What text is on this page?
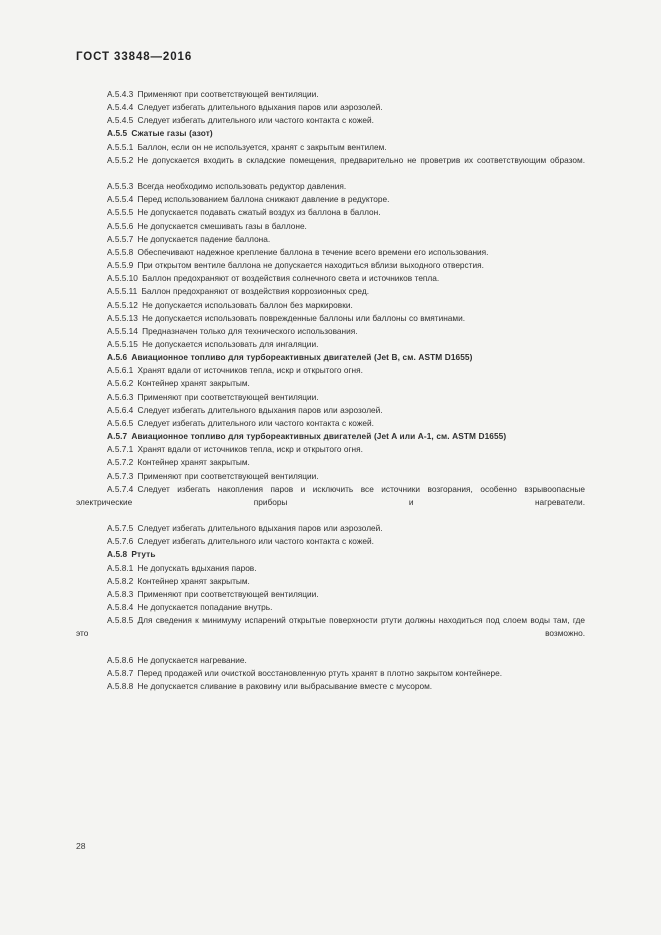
ГОСТ 33848—2016

A.5.4.3 Применяют при соответствующей вентиляции.

A.5.4.4 Следует избегать длительного вдыхания паров или аэрозолей.

A.5.4.5 Следует избегать длительного или частого контакта с кожей.

A.5.5 Сжатые газы (азот)

A.5.5.1 Баллон, если он не используется, хранят с закрытым вентилем.

A.5.5.2 Не допускается входить в складские помещения, предварительно не проветрив их соответствующим образом.

A.5.5.3 Всегда необходимо использовать редуктор давления.

A.5.5.4 Перед использованием баллона снижают давление в редукторе.

A.5.5.5 Не допускается подавать сжатый воздух из баллона в баллон.

A.5.5.6 Не допускается смешивать газы в баллоне.

A.5.5.7 Не допускается падение баллона.

A.5.5.8 Обеспечивают надежное крепление баллона в течение всего времени его использования.

A.5.5.9 При открытом вентиле баллона не допускается находиться вблизи выходного отверстия.

A.5.5.10 Баллон предохраняют от воздействия солнечного света и источников тепла.

A.5.5.11 Баллон предохраняют от воздействия коррозионных сред.

A.5.5.12 Не допускается использовать баллон без маркировки.

A.5.5.13 Не допускается использовать поврежденные баллоны или баллоны со вмятинами.

A.5.5.14 Предназначен только для технического использования.

A.5.5.15 Не допускается использовать для ингаляции.

A.5.6 Авиационное топливо для турбореактивных двигателей (Jet B, см. ASTM D1655)

A.5.6.1 Хранят вдали от источников тепла, искр и открытого огня.

A.5.6.2 Контейнер хранят закрытым.

A.5.6.3 Применяют при соответствующей вентиляции.

A.5.6.4 Следует избегать длительного вдыхания паров или аэрозолей.

A.5.6.5 Следует избегать длительного или частого контакта с кожей.

A.5.7 Авиационное топливо для турбореактивных двигателей (Jet A или A-1, см. ASTM D1655)

A.5.7.1 Хранят вдали от источников тепла, искр и открытого огня.

A.5.7.2 Контейнер хранят закрытым.

A.5.7.3 Применяют при соответствующей вентиляции.

A.5.7.4 Следует избегать накопления паров и исключить все источники возгорания, особенно взрывоопасные электрические приборы и нагреватели.

A.5.7.5 Следует избегать длительного вдыхания паров или аэрозолей.

A.5.7.6 Следует избегать длительного или частого контакта с кожей.

A.5.8 Ртуть

A.5.8.1 Не допускать вдыхания паров.

A.5.8.2 Контейнер хранят закрытым.

A.5.8.3 Применяют при соответствующей вентиляции.

A.5.8.4 Не допускается попадание внутрь.

A.5.8.5 Для сведения к минимуму испарений открытые поверхности ртути должны находиться под слоем воды там, где это возможно.

A.5.8.6 Не допускается нагревание.

A.5.8.7 Перед продажей или очисткой восстановленную ртуть хранят в плотно закрытом контейнере.

A.5.8.8 Не допускается сливание в раковину или выбрасывание вместе с мусором.

28
